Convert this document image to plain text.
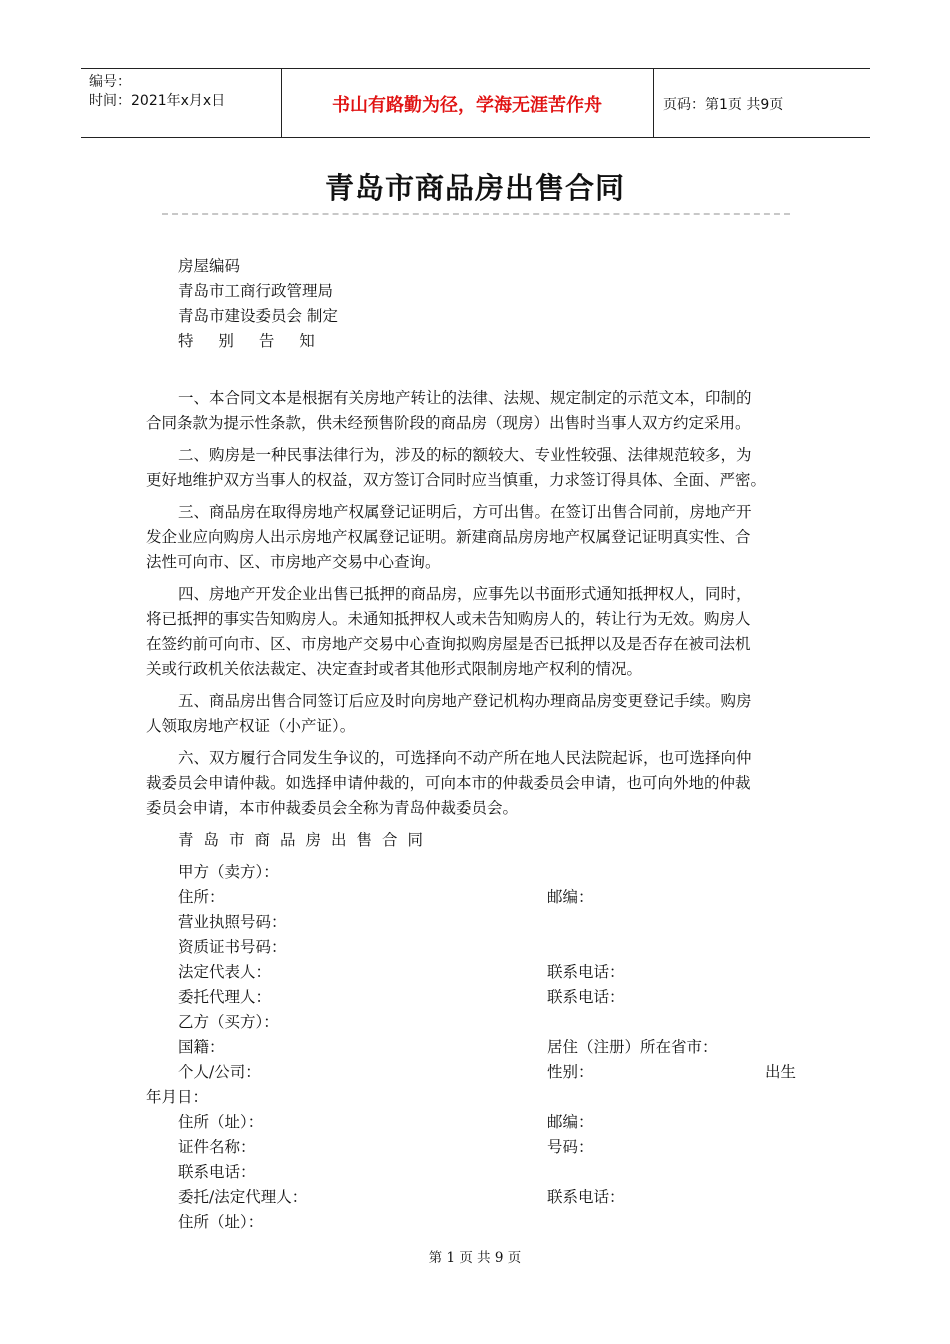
编号：
时间：2021年x月x日	书山有路勤为径，学海无涯苦作舟	页码：第1页 共9页
青岛市商品房出售合同
房屋编码
青岛市工商行政管理局
青岛市建设委员会 制定
特 别 告 知
一、本合同文本是根据有关房地产转让的法律、法规、规定制定的示范文本，印制的
合同条款为提示性条款，供未经预售阶段的商品房（现房）出售时当事人双方约定采用。
二、购房是一种民事法律行为，涉及的标的额较大、专业性较强、法律规范较多，为
更好地维护双方当事人的权益，双方签订合同时应当慎重，力求签订得具体、全面、严密。
三、商品房在取得房地产权属登记证明后，方可出售。在签订出售合同前，房地产开
发企业应向购房人出示房地产权属登记证明。新建商品房房地产权属登记证明真实性、合
法性可向市、区、市房地产交易中心查询。
四、房地产开发企业出售已抵押的商品房，应事先以书面形式通知抵押权人，同时，
将已抵押的事实告知购房人。未通知抵押权人或未告知购房人的，转让行为无效。购房人
在签约前可向市、区、市房地产交易中心查询拟购房屋是否已抵押以及是否存在被司法机
关或行政机关依法裁定、决定查封或者其他形式限制房地产权利的情况。
五、商品房出售合同签订后应及时向房地产登记机构办理商品房变更登记手续。购房
人领取房地产权证（小产证）。
六、双方履行合同发生争议的，可选择向不动产所在地人民法院起诉，也可选择向仲
裁委员会申请仲裁。如选择申请仲裁的，可向本市的仲裁委员会申请，也可向外地的仲裁
委员会申请，本市仲裁委员会全称为青岛仲裁委员会。
青岛市商品房出售合同
甲方（卖方）：
住所：	邮编：
营业执照号码：
资质证书号码：
法定代表人：	联系电话：
委托代理人：	联系电话：
乙方（买方）：
国籍：	居住（注册）所在省市：
个人/公司：	性别：	出生
年月日：
住所（址）：	邮编：
证件名称：	号码：
联系电话：
委托/法定代理人：	联系电话：
住所（址）：
第 1 页 共 9 页
